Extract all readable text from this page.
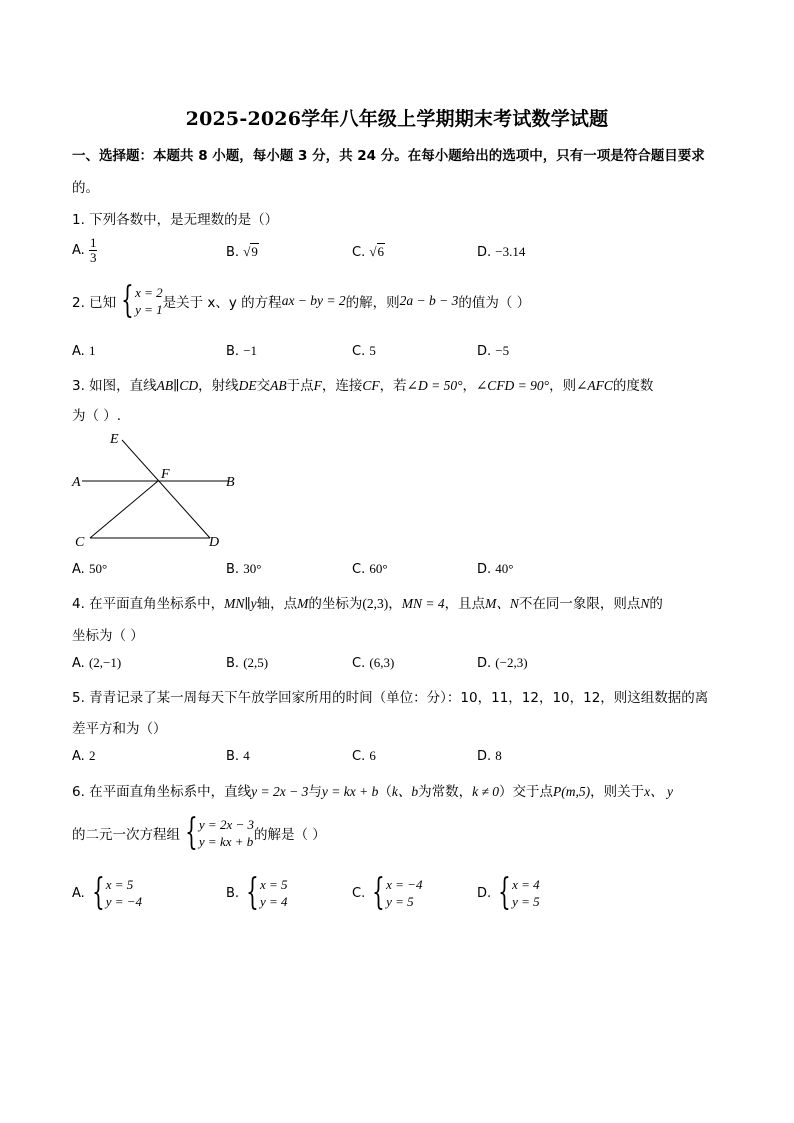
2025-2026学年八年级上学期期末考试数学试题
一、选择题：本题共 8 小题，每小题 3 分，共 24 分。在每小题给出的选项中，只有一项是符合题目要求
的。
1. 下列各数中，是无理数的是（）
A. $\frac{1}{3}$	B. √9	C. √6	D. −3.14
2. 已知 { x = 2
y = 1 是关于 x、y 的方程 ax − by = 2 的解，则 2a − b − 3 的值为（ ）
A. 1	B. −1	C. 5	D. −5
3. 如图，直线AB∥CD，射线DE交AB于点F，连接CF，若∠D = 50°，∠CFD = 90°，则∠AFC的度数
为（ ）.
E
F
A	B
C	D
A. 50°	B. 30°	C. 60°	D. 40°
4. 在平面直角坐标系中，MN∥y轴，点M的坐标为(2,3)，MN = 4，且点M、N不在同一象限，则点N的
坐标为（ ）
A. (2,−1)	B. (2,5)	C. (6,3)	D. (−2,3)
5. 青青记录了某一周每天下午放学回家所用的时间（单位：分）：10，11，12，10，12，则这组数据的离
差平方和为（）
A. 2	B. 4	C. 6	D. 8
6. 在平面直角坐标系中，直线y = 2x − 3与y = kx + b（k、b为常数，k ≠ 0）交于点P(m,5)，则关于x、 y
的二元一次方程组 { y = 2x − 3
y = kx + b 的解是（ ）
A. { x = 5
y = −4
B. { x = 5
y = 4
C. { x = −4
y = 5
D. { x = 4
y = 5
